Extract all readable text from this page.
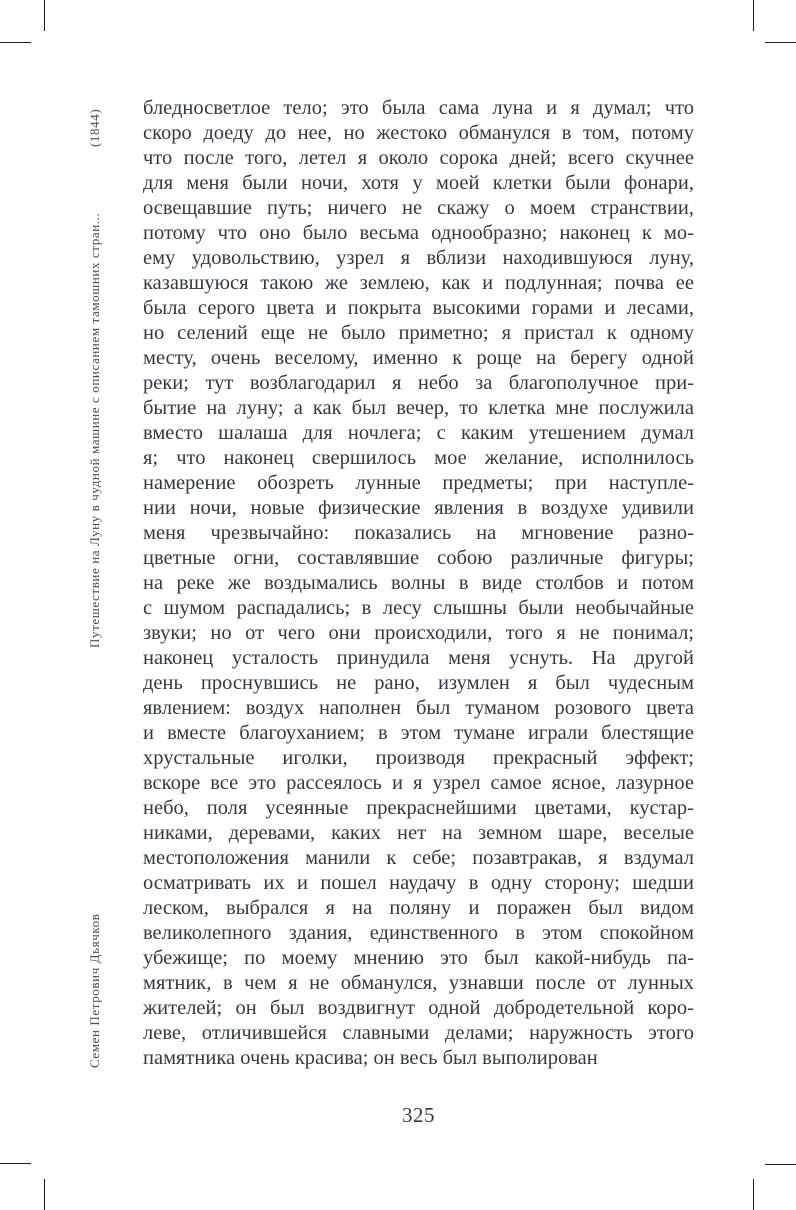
(1844)
Путешествие на Луну в чудной машине с описанием тамошних стран...
Семен Петрович Дьячков
бледносветлое тело; это была сама луна и я думал; что
скоро доеду до нее, но жестоко обманулся в том, потому
что после того, летел я около сорока дней; всего скучнее
для меня были ночи, хотя у моей клетки были фонари,
освещавшие путь; ничего не скажу о моем странствии,
потому что оно было весьма однообразно; наконец к мо-
ему удовольствию, узрел я вблизи находившуюся луну,
казавшуюся такою же землею, как и подлунная; почва ее
была серого цвета и покрыта высокими горами и лесами,
но селений еще не было приметно; я пристал к одному
месту, очень веселому, именно к роще на берегу одной
реки; тут возблагодарил я небо за благополучное при-
бытие на луну; а как был вечер, то клетка мне послужила
вместо шалаша для ночлега; с каким утешением думал
я; что наконец свершилось мое желание, исполнилось
намерение обозреть лунные предметы; при наступле-
нии ночи, новые физические явления в воздухе удивили
меня чрезвычайно: показались на мгновение разно-
цветные огни, составлявшие собою различные фигуры;
на реке же воздымались волны в виде столбов и потом
с шумом распадались; в лесу слышны были необычайные
звуки; но от чего они происходили, того я не понимал;
наконец усталость принудила меня уснуть. На другой
день проснувшись не рано, изумлен я был чудесным
явлением: воздух наполнен был туманом розового цвета
и вместе благоуханием; в этом тумане играли блестящие
хрустальные иголки, производя прекрасный эффект;
вскоре все это рассеялось и я узрел самое ясное, лазурное
небо, поля усеянные прекраснейшими цветами, кустар-
никами, деревами, каких нет на земном шаре, веселые
местоположения манили к себе; позавтракав, я вздумал
осматривать их и пошел наудачу в одну сторону; шедши
леском, выбрался я на поляну и поражен был видом
великолепного здания, единственного в этом спокойном
убежище; по моему мнению это был какой-нибудь па-
мятник, в чем я не обманулся, узнавши после от лунных
жителей; он был воздвигнут одной добродетельной коро-
леве, отличившейся славными делами; наружность этого
памятника очень красива; он весь был выполирован
325
